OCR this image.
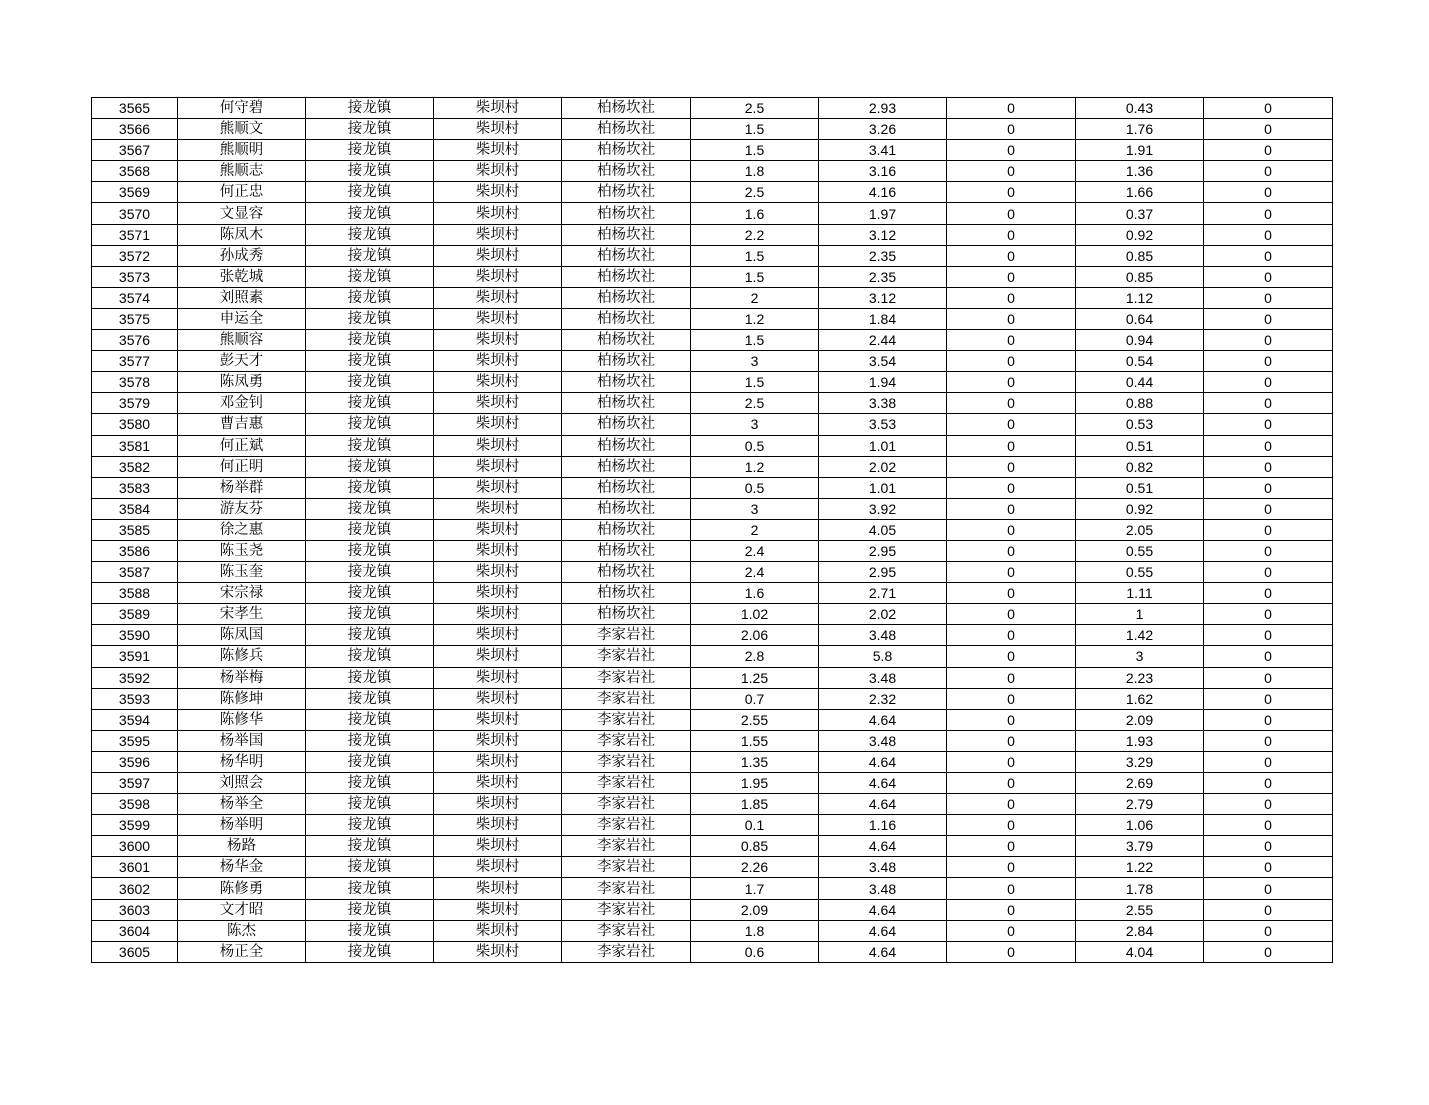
3565	何守碧	接龙镇	柴坝村	柏杨坎社	2.5	2.93	0	0.43	0
3566	熊顺文	接龙镇	柴坝村	柏杨坎社	1.5	3.26	0	1.76	0
3567	熊顺明	接龙镇	柴坝村	柏杨坎社	1.5	3.41	0	1.91	0
3568	熊顺志	接龙镇	柴坝村	柏杨坎社	1.8	3.16	0	1.36	0
3569	何正忠	接龙镇	柴坝村	柏杨坎社	2.5	4.16	0	1.66	0
3570	文显容	接龙镇	柴坝村	柏杨坎社	1.6	1.97	0	0.37	0
3571	陈凤木	接龙镇	柴坝村	柏杨坎社	2.2	3.12	0	0.92	0
3572	孙成秀	接龙镇	柴坝村	柏杨坎社	1.5	2.35	0	0.85	0
3573	张乾城	接龙镇	柴坝村	柏杨坎社	1.5	2.35	0	0.85	0
3574	刘照素	接龙镇	柴坝村	柏杨坎社	2	3.12	0	1.12	0
3575	申运全	接龙镇	柴坝村	柏杨坎社	1.2	1.84	0	0.64	0
3576	熊顺容	接龙镇	柴坝村	柏杨坎社	1.5	2.44	0	0.94	0
3577	彭天才	接龙镇	柴坝村	柏杨坎社	3	3.54	0	0.54	0
3578	陈凤勇	接龙镇	柴坝村	柏杨坎社	1.5	1.94	0	0.44	0
3579	邓金钊	接龙镇	柴坝村	柏杨坎社	2.5	3.38	0	0.88	0
3580	曹吉惠	接龙镇	柴坝村	柏杨坎社	3	3.53	0	0.53	0
3581	何正斌	接龙镇	柴坝村	柏杨坎社	0.5	1.01	0	0.51	0
3582	何正明	接龙镇	柴坝村	柏杨坎社	1.2	2.02	0	0.82	0
3583	杨举群	接龙镇	柴坝村	柏杨坎社	0.5	1.01	0	0.51	0
3584	游友芬	接龙镇	柴坝村	柏杨坎社	3	3.92	0	0.92	0
3585	徐之惠	接龙镇	柴坝村	柏杨坎社	2	4.05	0	2.05	0
3586	陈玉尧	接龙镇	柴坝村	柏杨坎社	2.4	2.95	0	0.55	0
3587	陈玉奎	接龙镇	柴坝村	柏杨坎社	2.4	2.95	0	0.55	0
3588	宋宗禄	接龙镇	柴坝村	柏杨坎社	1.6	2.71	0	1.11	0
3589	宋孝生	接龙镇	柴坝村	柏杨坎社	1.02	2.02	0	1	0
3590	陈凤国	接龙镇	柴坝村	李家岩社	2.06	3.48	0	1.42	0
3591	陈修兵	接龙镇	柴坝村	李家岩社	2.8	5.8	0	3	0
3592	杨举梅	接龙镇	柴坝村	李家岩社	1.25	3.48	0	2.23	0
3593	陈修坤	接龙镇	柴坝村	李家岩社	0.7	2.32	0	1.62	0
3594	陈修华	接龙镇	柴坝村	李家岩社	2.55	4.64	0	2.09	0
3595	杨举国	接龙镇	柴坝村	李家岩社	1.55	3.48	0	1.93	0
3596	杨华明	接龙镇	柴坝村	李家岩社	1.35	4.64	0	3.29	0
3597	刘照会	接龙镇	柴坝村	李家岩社	1.95	4.64	0	2.69	0
3598	杨举全	接龙镇	柴坝村	李家岩社	1.85	4.64	0	2.79	0
3599	杨举明	接龙镇	柴坝村	李家岩社	0.1	1.16	0	1.06	0
3600	杨路	接龙镇	柴坝村	李家岩社	0.85	4.64	0	3.79	0
3601	杨华金	接龙镇	柴坝村	李家岩社	2.26	3.48	0	1.22	0
3602	陈修勇	接龙镇	柴坝村	李家岩社	1.7	3.48	0	1.78	0
3603	文才昭	接龙镇	柴坝村	李家岩社	2.09	4.64	0	2.55	0
3604	陈杰	接龙镇	柴坝村	李家岩社	1.8	4.64	0	2.84	0
3605	杨正全	接龙镇	柴坝村	李家岩社	0.6	4.64	0	4.04	0
